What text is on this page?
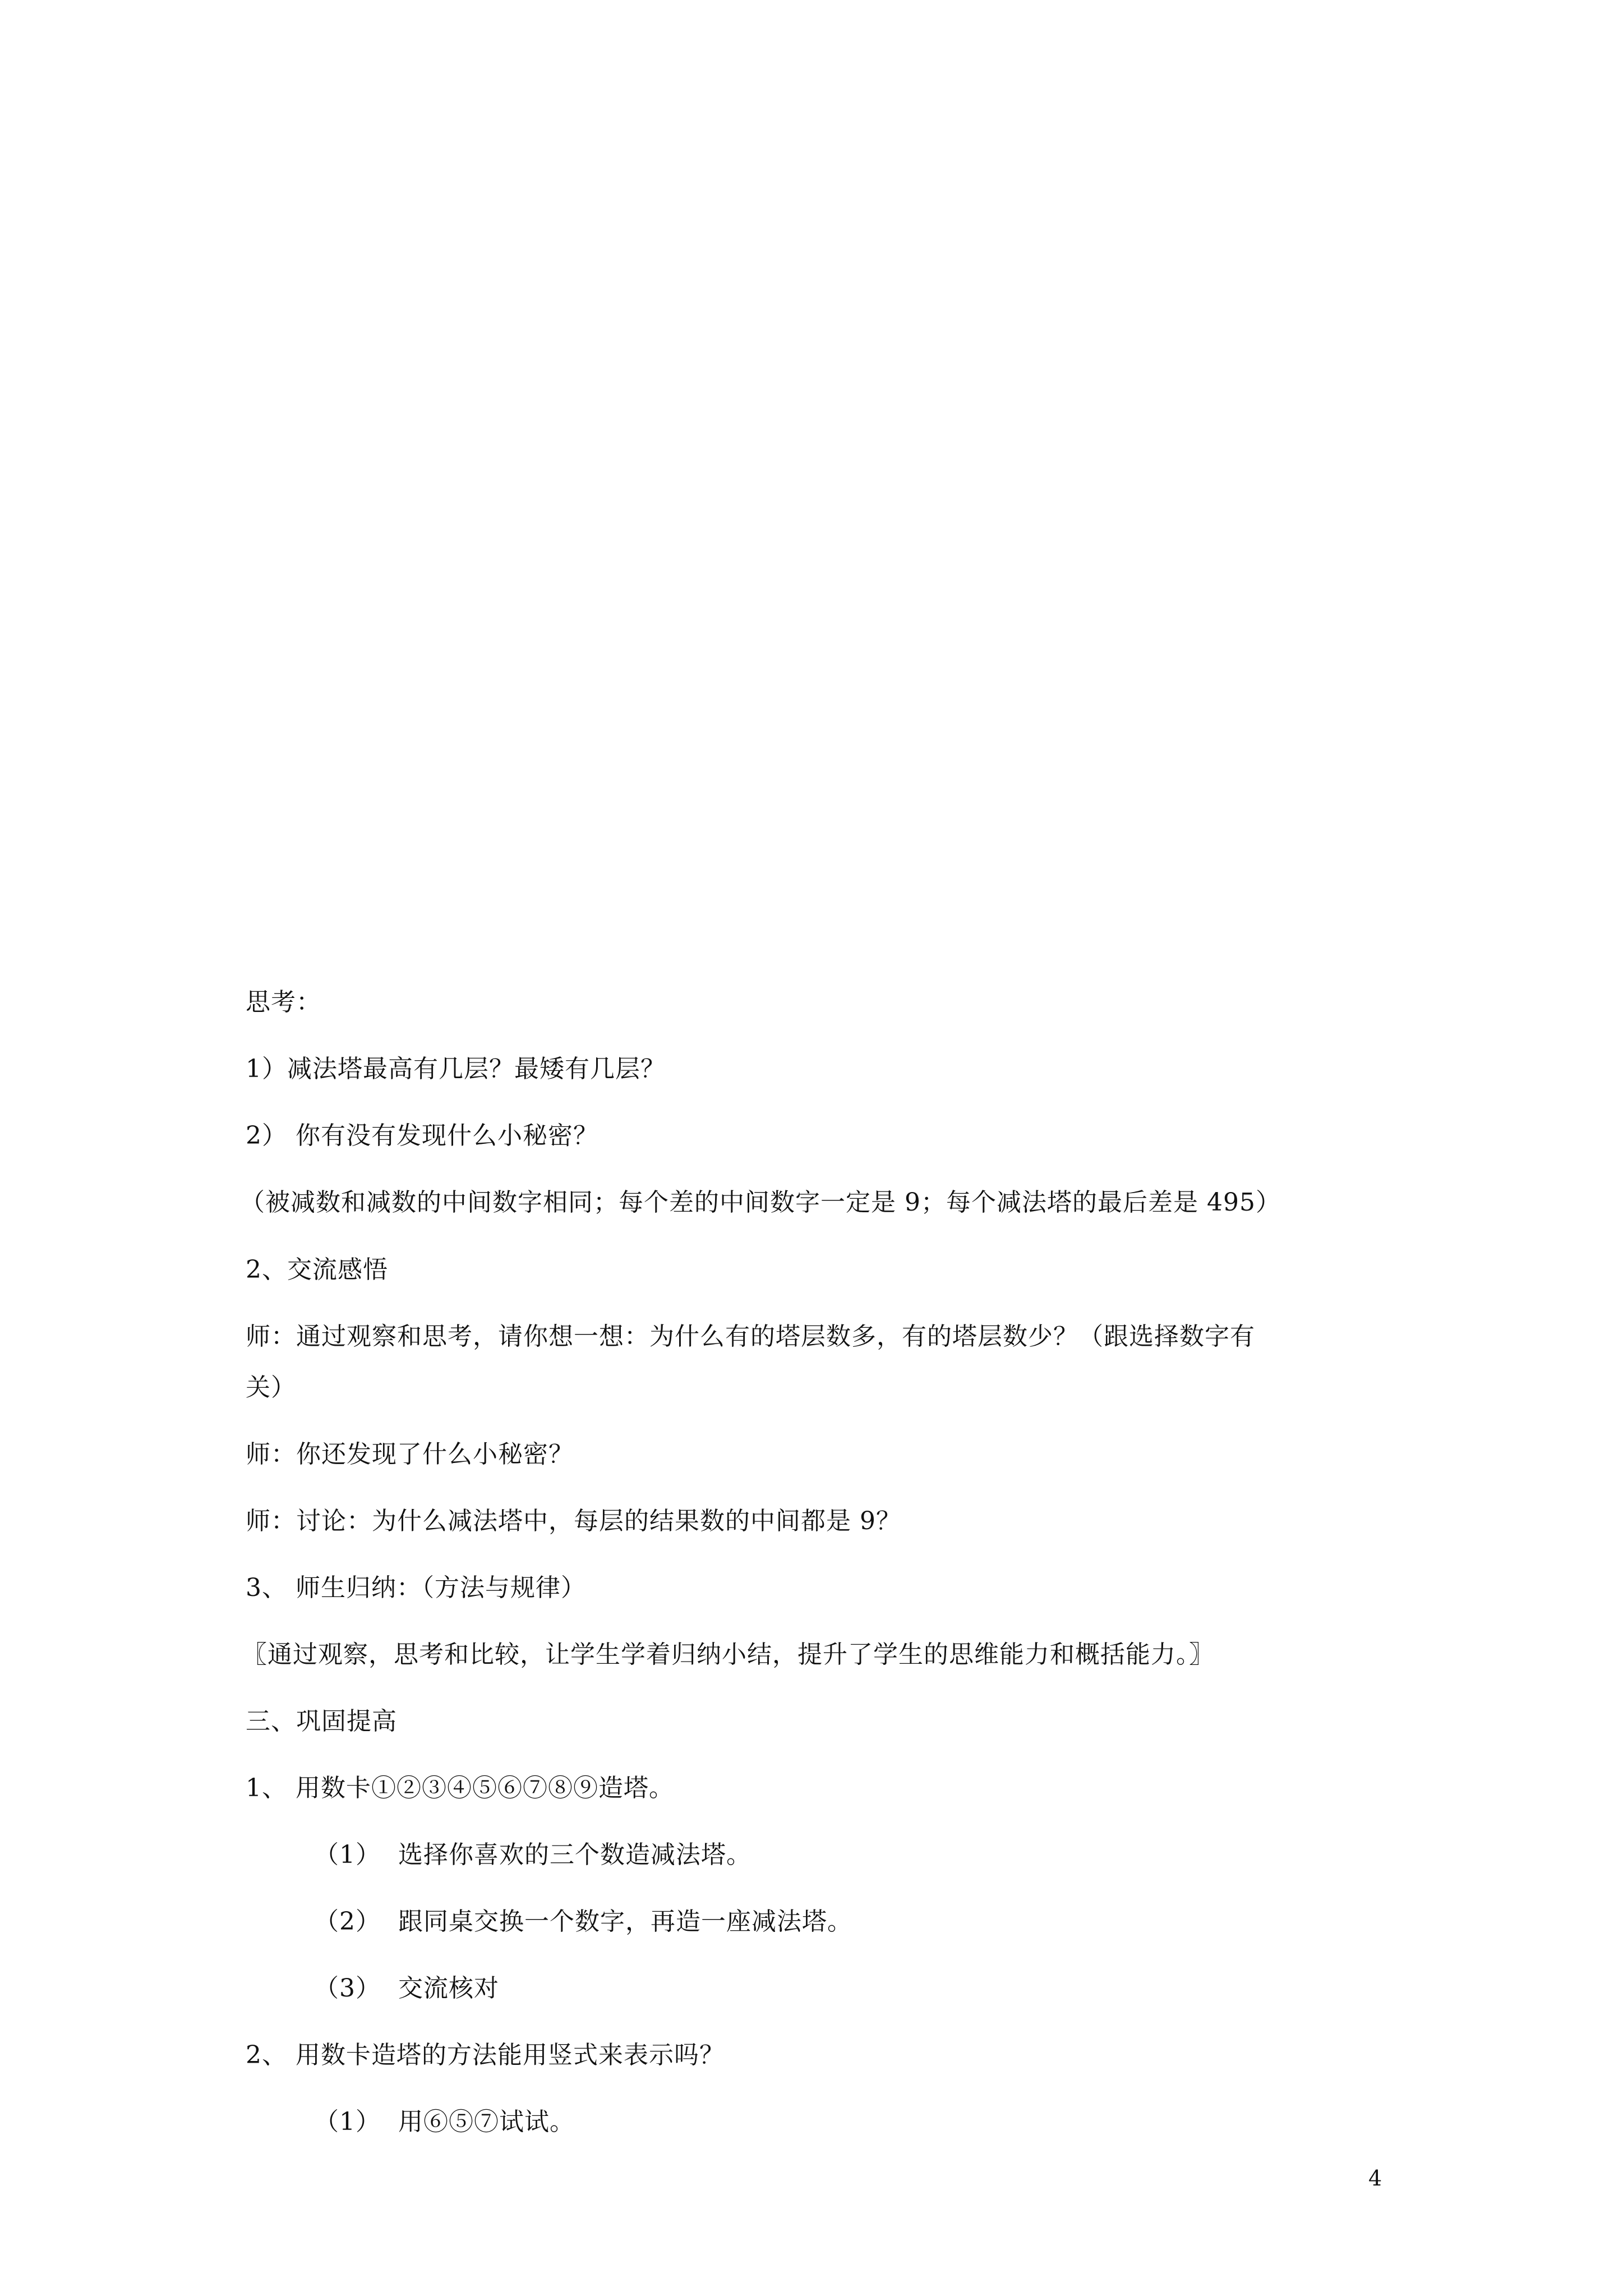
思考：
1）减法塔最高有几层？最矮有几层？
2） 你有没有发现什么小秘密？
（被减数和减数的中间数字相同；每个差的中间数字一定是 9；每个减法塔的最后差是 495）
2、交流感悟
师：通过观察和思考，请你想一想：为什么有的塔层数多，有的塔层数少？（跟选择数字有
关）
师：你还发现了什么小秘密？
师：讨论：为什么减法塔中，每层的结果数的中间都是 9？
3、 师生归纳：（方法与规律）
〖通过观察，思考和比较，让学生学着归纳小结，提升了学生的思维能力和概括能力。〗
三、巩固提高
1、 用数卡①②③④⑤⑥⑦⑧⑨造塔。
（1） 选择你喜欢的三个数造减法塔。
（2） 跟同桌交换一个数字，再造一座减法塔。
（3） 交流核对
2、 用数卡造塔的方法能用竖式来表示吗？
（1） 用⑥⑤⑦试试。
4
